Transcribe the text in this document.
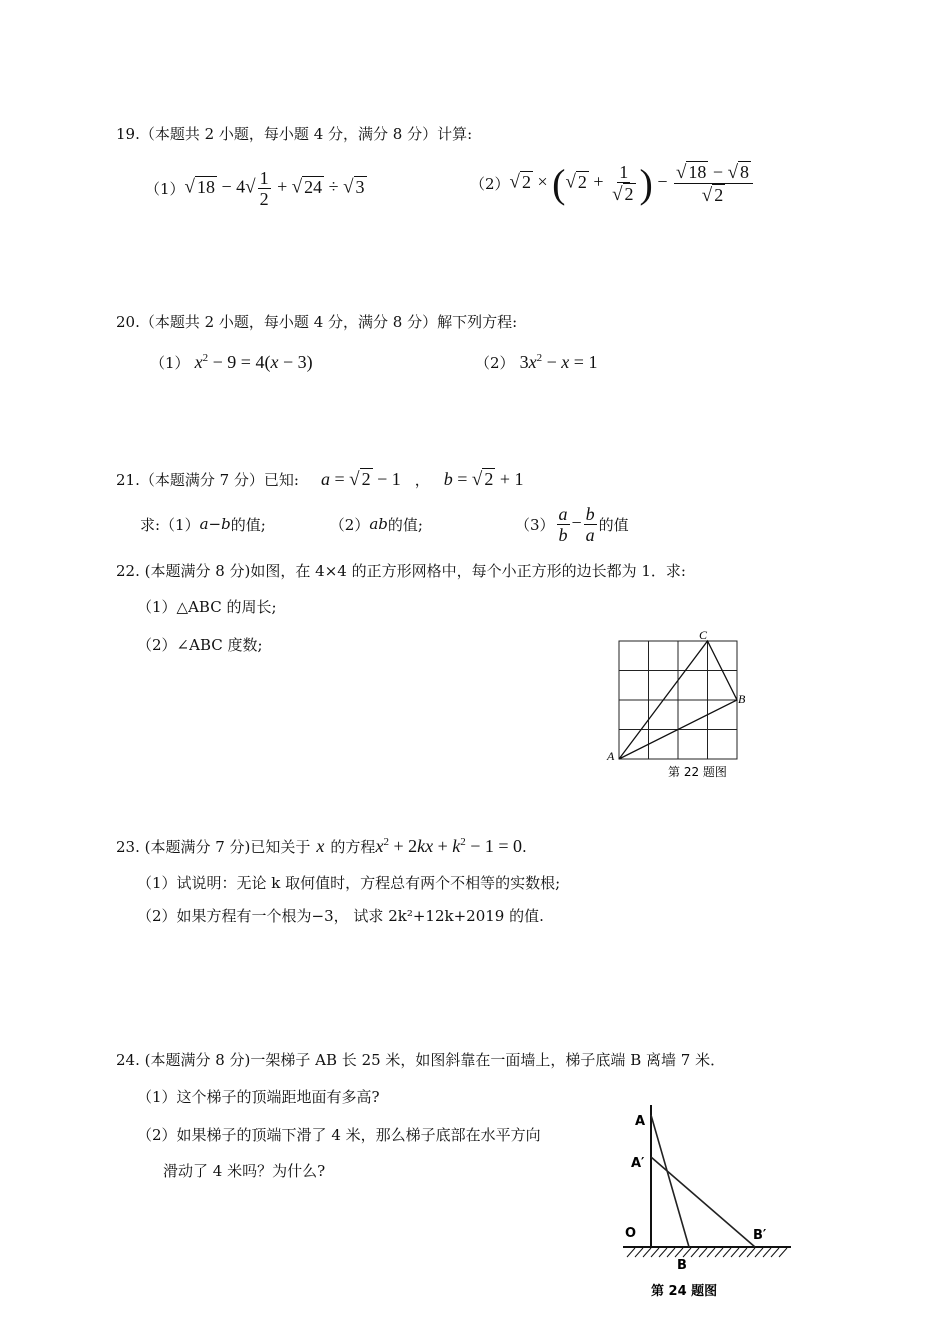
19.（本题共 2 小题，每小题 4 分，满分 8 分）计算:
（1） √ $18 - 4√ \frac{1}{2}$ + √ 24 ÷ √ 3	（2） √ 2 × (√ $2 + \frac{1}{√ 2}$ ) − $\frac{√ 18 - √ 8}{√ 2}$
20.（本题共 2 小题，每小题 4 分，满分 8 分）解下列方程:
（1） $x^2 - 9 = 4(x - 3)$	（2） $3x^2 - x = 1$
21.（本题满分 7 分）已知: a = √ 2 − 1 ， b = √ 2 + 1
求:（1） a−b 的值;	（2） ab 的值;	$(3) \frac{a}{b} - \frac{b}{a}$ 的值
22. (本题满分 8 分)如图，在 4×4 的正方形网格中，每个小正方形的边长都为 1．求:
（1）△ABC 的周长;
（2）∠ABC 度数;
A
B
C
第 22 题图
23. (本题满分 7 分)已知关于 x 的方程 $x^2 + 2kx + k^2 - 1 = 0$ .
（1）试说明：无论 k 取何值时，方程总有两个不相等的实数根;
（2）如果方程有一个根为−3， 试求 2k²+12k+2019 的值.
24. (本题满分 8 分)一架梯子 AB 长 25 米，如图斜靠在一面墙上，梯子底端 B 离墙 7 米．
（1）这个梯子的顶端距地面有多高?
（2）如果梯子的顶端下滑了 4 米，那么梯子底部在水平方向
滑动了 4 米吗？为什么?
A
A′
O
B
B′
第 24 题图
